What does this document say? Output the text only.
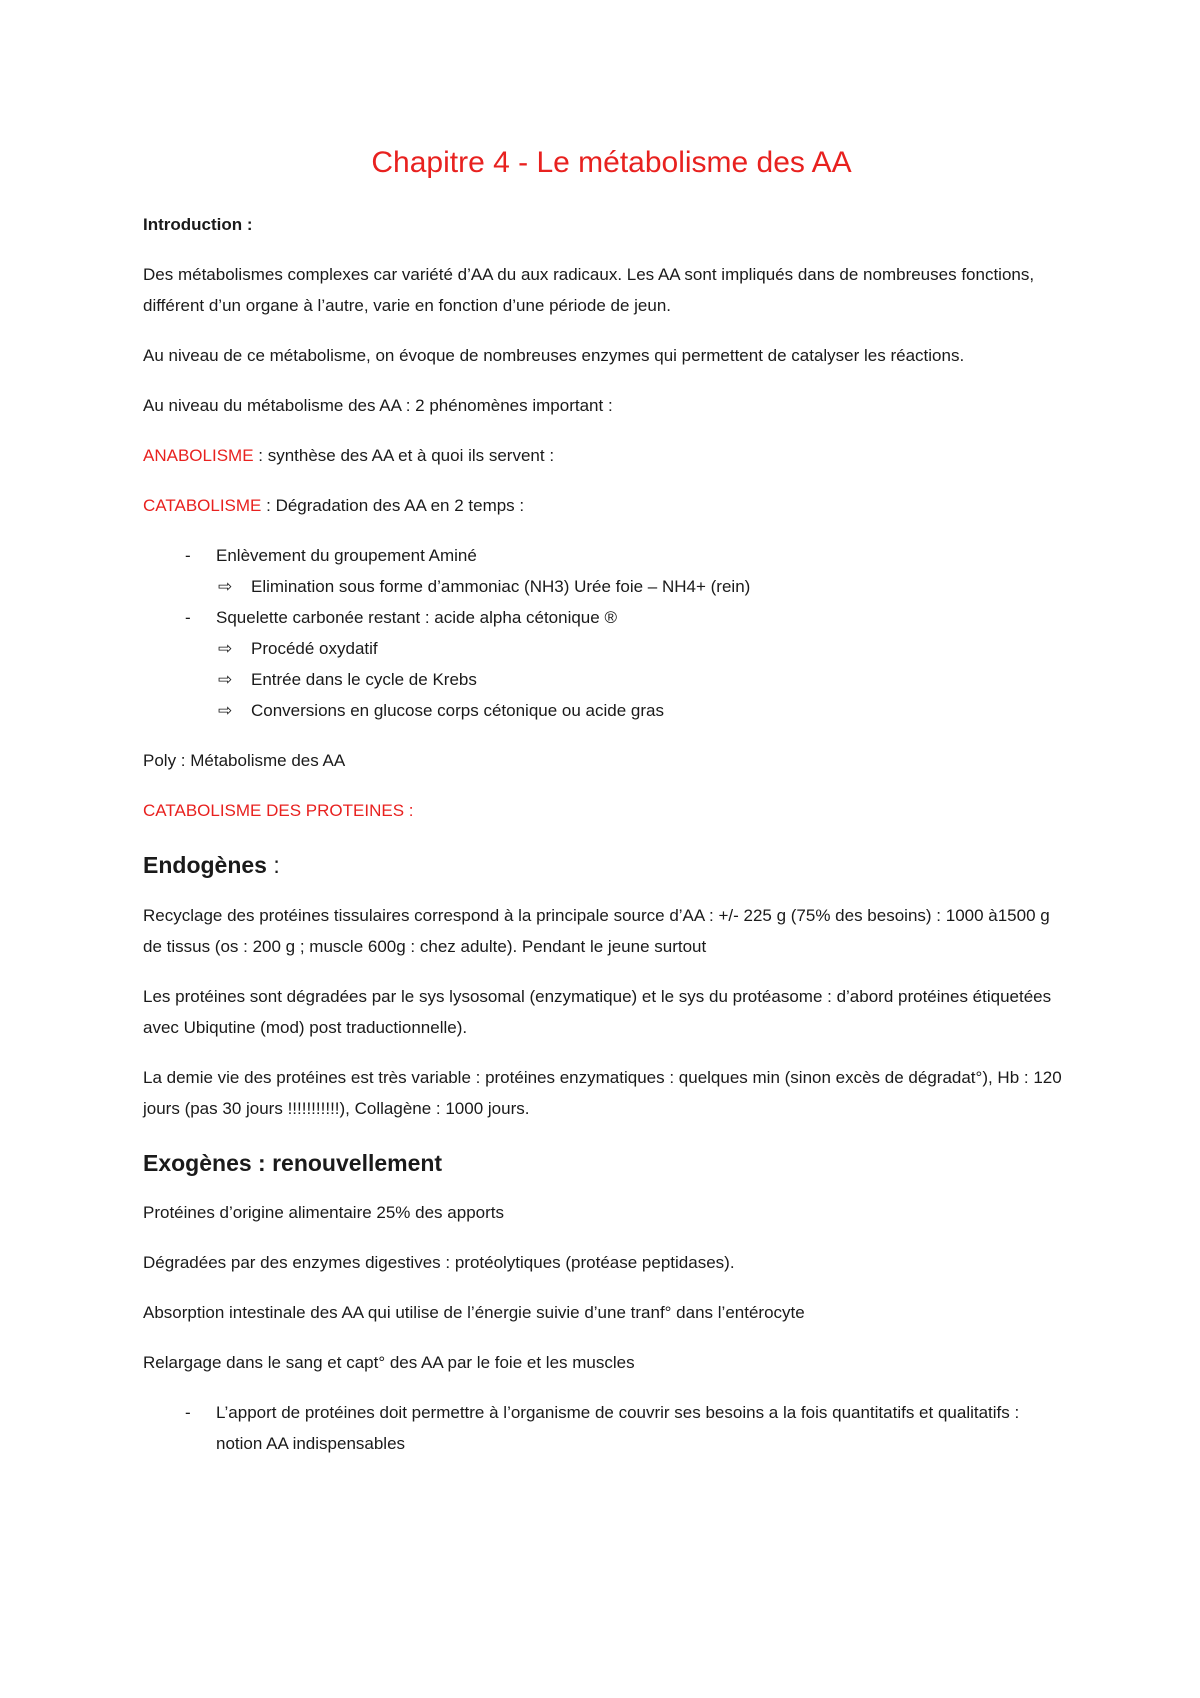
Chapitre 4 - Le métabolisme des AA

Introduction :

Des métabolismes complexes car variété d’AA du aux radicaux. Les AA sont impliqués dans de nombreuses fonctions, différent d’un organe à l’autre, varie en fonction d’une période de jeun.

Au niveau de ce métabolisme, on évoque de nombreuses enzymes qui permettent de catalyser les réactions.

Au niveau du métabolisme des AA : 2 phénomènes important :

ANABOLISME : synthèse des AA et à quoi ils servent :

CATABOLISME : Dégradation des AA en 2 temps :

- Enlèvement du groupement Aminé
⇨ Elimination sous forme d’ammoniac (NH3) Urée foie – NH4+ (rein)
- Squelette carbonée restant : acide alpha cétonique ®
⇨ Procédé oxydatif
⇨ Entrée dans le cycle de Krebs
⇨ Conversions en glucose corps cétonique ou acide gras

Poly : Métabolisme des AA

CATABOLISME DES PROTEINES :

Endogènes :

Recyclage des protéines tissulaires correspond à la principale source d’AA : +/- 225 g (75% des besoins) : 1000 à1500 g de tissus (os : 200 g ; muscle 600g : chez adulte). Pendant le jeune surtout

Les protéines sont dégradées par le sys lysosomal (enzymatique) et le sys du protéasome : d’abord protéines étiquetées avec Ubiqutine (mod) post traductionnelle).

La demie vie des protéines est très variable : protéines enzymatiques : quelques min (sinon excès de dégradat°), Hb : 120 jours (pas 30 jours !!!!!!!!!!!), Collagène : 1000 jours.

Exogènes : renouvellement

Protéines d’origine alimentaire 25% des apports

Dégradées par des enzymes digestives : protéolytiques (protéase peptidases).

Absorption intestinale des AA qui utilise de l’énergie suivie d’une tranf° dans l’entérocyte

Relargage dans le sang et capt° des AA par le foie et les muscles

- L’apport de protéines doit permettre à l’organisme de couvrir ses besoins a la fois quantitatifs et qualitatifs : notion AA indispensables
